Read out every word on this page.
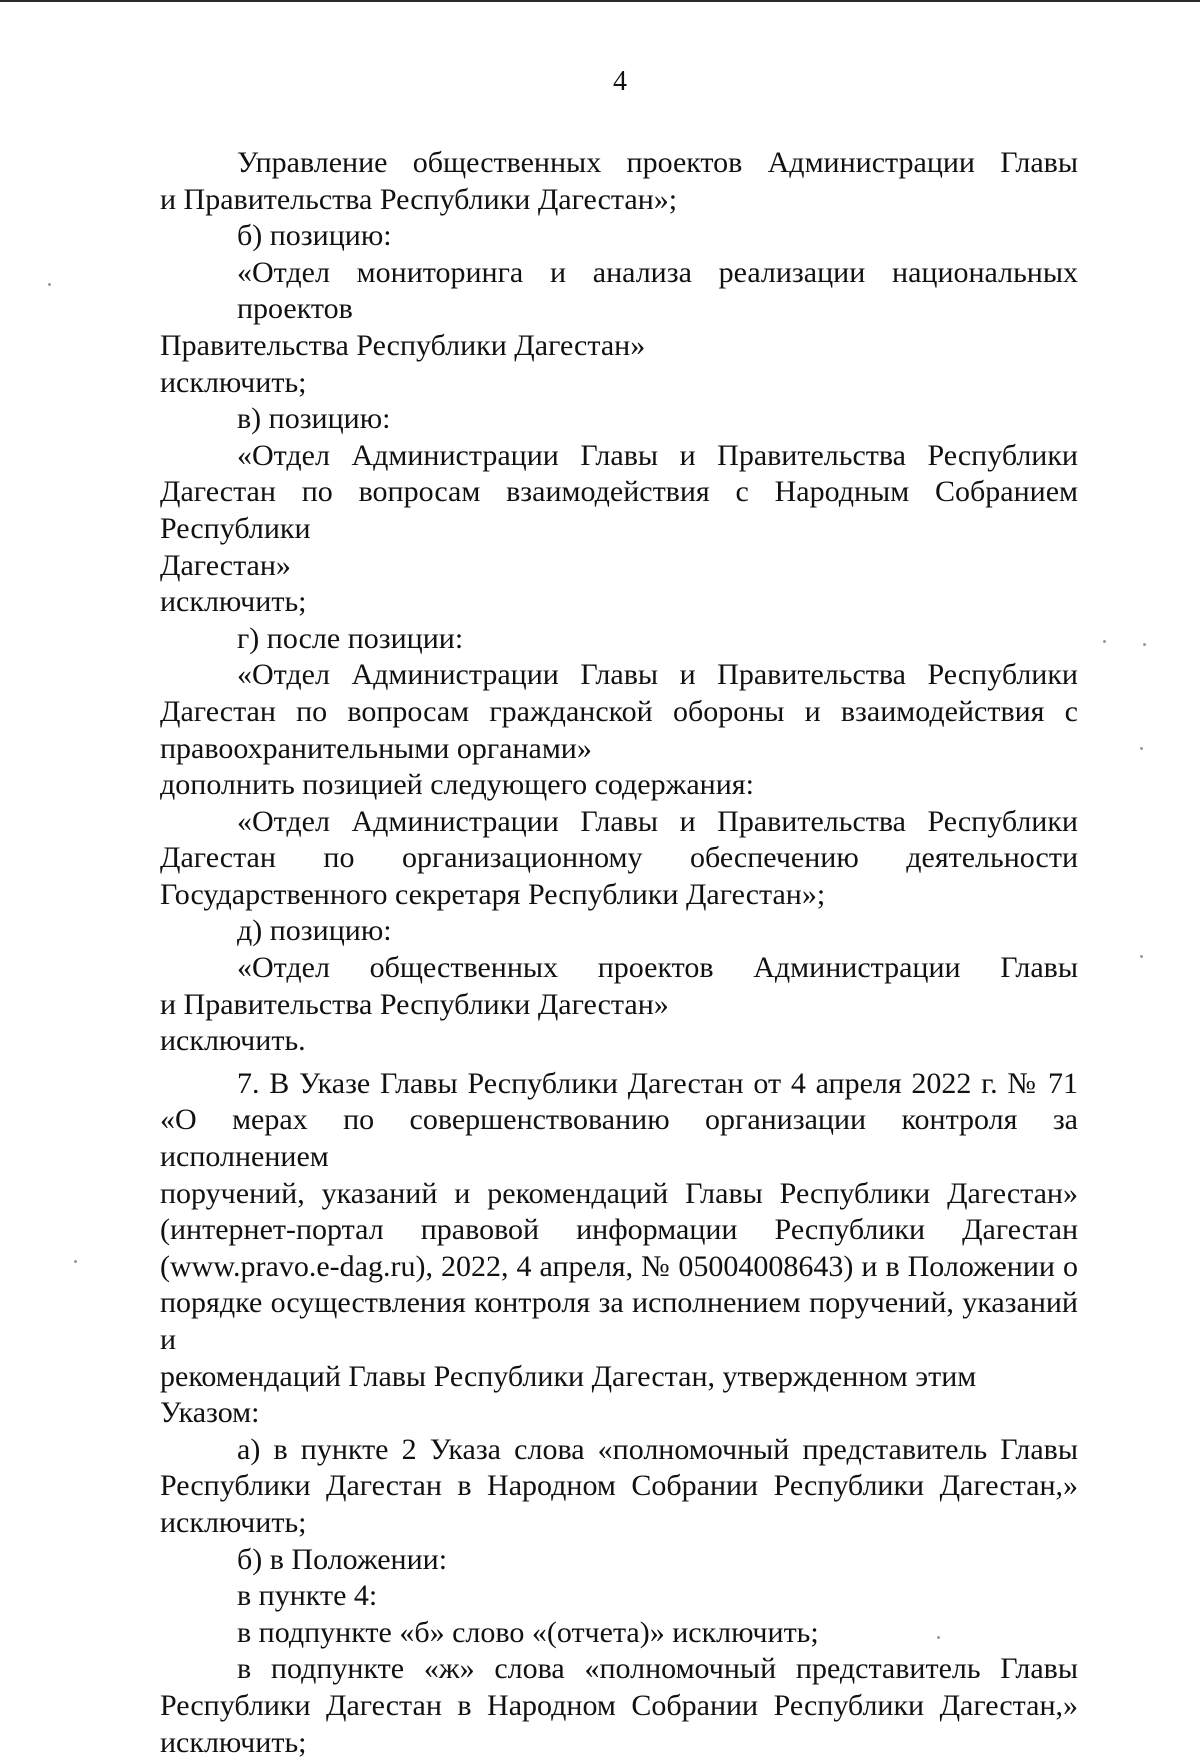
4

Управление общественных проектов Администрации Главы
и Правительства Республики Дагестан»;

б) позицию:

«Отдел мониторинга и анализа реализации национальных проектов
Правительства Республики Дагестан»

исключить;

в) позицию:

«Отдел Администрации Главы и Правительства Республики
Дагестан по вопросам взаимодействия с Народным Собранием Республики
Дагестан»

исключить;

г) после позиции:

«Отдел Администрации Главы и Правительства Республики
Дагестан по вопросам гражданской обороны и взаимодействия с
правоохранительными органами»

дополнить позицией следующего содержания:

«Отдел Администрации Главы и Правительства Республики
Дагестан по организационному обеспечению деятельности
Государственного секретаря Республики Дагестан»;

д) позицию:

«Отдел общественных проектов Администрации Главы
и Правительства Республики Дагестан»

исключить.

7. В Указе Главы Республики Дагестан от 4 апреля 2022 г. № 71
«О мерах по совершенствованию организации контроля за исполнением
поручений, указаний и рекомендаций Главы Республики Дагестан»
(интернет-портал правовой информации Республики Дагестан
(www.pravo.e-dag.ru), 2022, 4 апреля, № 05004008643) и в Положении о
порядке осуществления контроля за исполнением поручений, указаний и
рекомендаций Главы Республики Дагестан, утвержденном этим Указом:

а) в пункте 2 Указа слова «полномочный представитель Главы
Республики Дагестан в Народном Собрании Республики Дагестан,»
исключить;

б) в Положении:

в пункте 4:

в подпункте «б» слово «(отчета)» исключить;

в подпункте «ж» слова «полномочный представитель Главы
Республики Дагестан в Народном Собрании Республики Дагестан,»
исключить;
